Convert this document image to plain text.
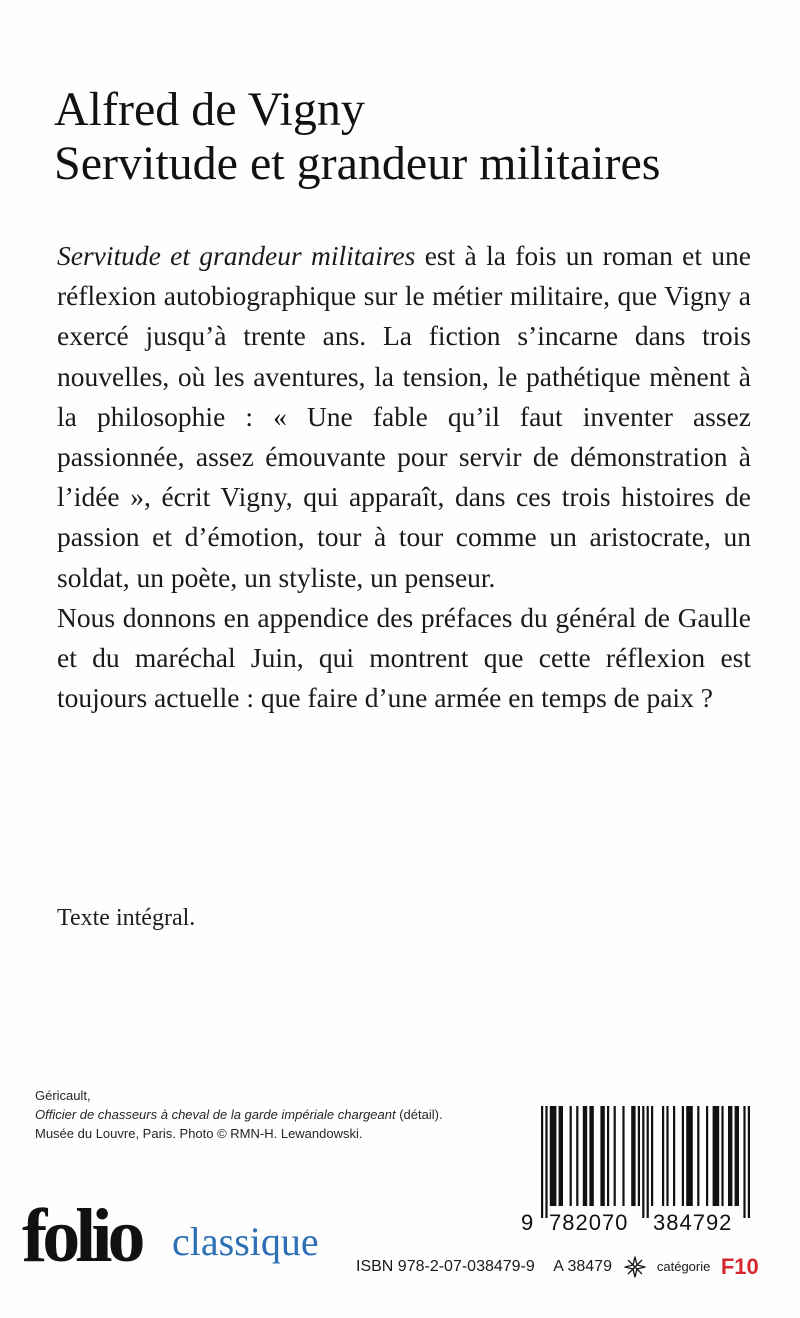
Alfred de Vigny
Servitude et grandeur militaires

Servitude et grandeur militaires est à la fois un roman et une réflexion autobiographique sur le métier militaire, que Vigny a exercé jusqu’à trente ans. La fiction s’incarne dans trois nouvelles, où les aventures, la tension, le pathétique mènent à la philosophie : « Une fable qu’il faut inventer assez passionnée, assez émouvante pour servir de démonstration à l’idée », écrit Vigny, qui apparaît, dans ces trois histoires de passion et d’émotion, tour à tour comme un aristocrate, un soldat, un poète, un styliste, un penseur.

Nous donnons en appendice des préfaces du général de Gaulle et du maréchal Juin, qui montrent que cette réflexion est toujours actuelle : que faire d’une armée en temps de paix ?

Texte intégral.

Géricault,
Officier de chasseurs à cheval de la garde impériale chargeant (détail).
Musée du Louvre, Paris. Photo © RMN-H. Lewandowski.
folio classique	9 782070 384792
ISBN 978-2-07-038479-9 A 38479	catégorie F10
